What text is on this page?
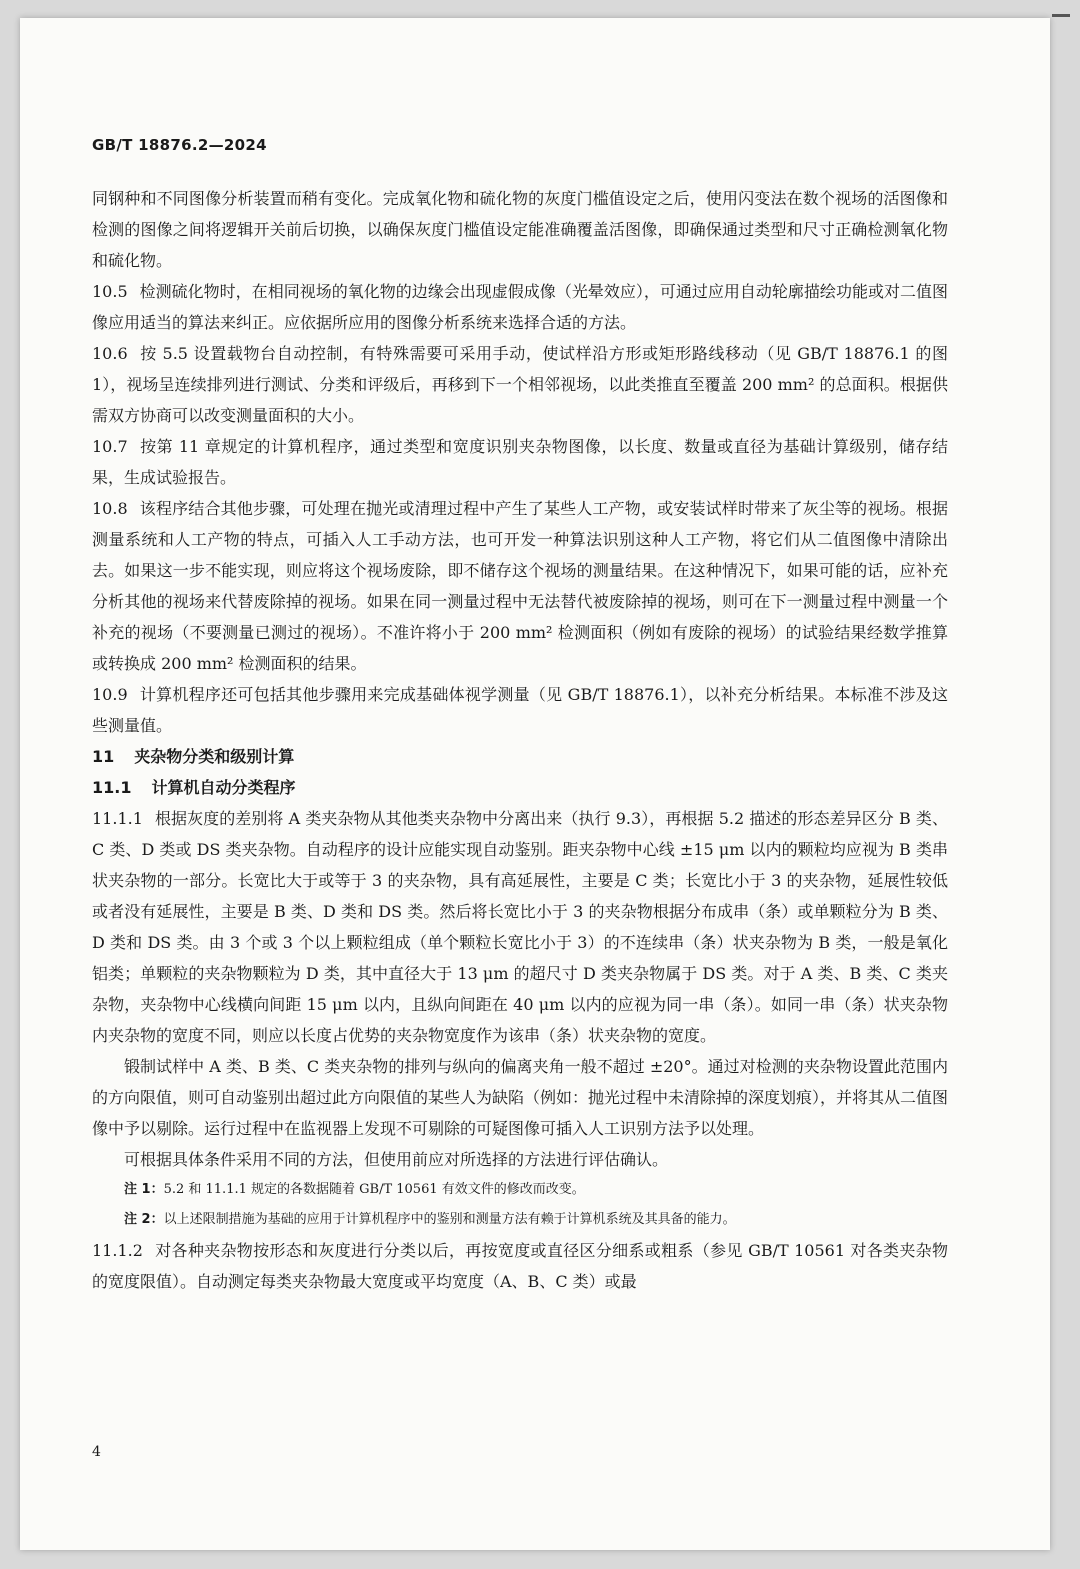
GB/T 18876.2—2024

同钢种和不同图像分析装置而稍有变化。完成氧化物和硫化物的灰度门槛值设定之后，使用闪变法在数个视场的活图像和检测的图像之间将逻辑开关前后切换，以确保灰度门槛值设定能准确覆盖活图像，即确保通过类型和尺寸正确检测氧化物和硫化物。

10.5 检测硫化物时，在相同视场的氧化物的边缘会出现虚假成像（光晕效应），可通过应用自动轮廓描绘功能或对二值图像应用适当的算法来纠正。应依据所应用的图像分析系统来选择合适的方法。

10.6 按 5.5 设置载物台自动控制，有特殊需要可采用手动，使试样沿方形或矩形路线移动（见 GB/T 18876.1 的图 1），视场呈连续排列进行测试、分类和评级后，再移到下一个相邻视场，以此类推直至覆盖 200 mm² 的总面积。根据供需双方协商可以改变测量面积的大小。

10.7 按第 11 章规定的计算机程序，通过类型和宽度识别夹杂物图像，以长度、数量或直径为基础计算级别，储存结果，生成试验报告。

10.8 该程序结合其他步骤，可处理在抛光或清理过程中产生了某些人工产物，或安装试样时带来了灰尘等的视场。根据测量系统和人工产物的特点，可插入人工手动方法，也可开发一种算法识别这种人工产物，将它们从二值图像中清除出去。如果这一步不能实现，则应将这个视场废除，即不储存这个视场的测量结果。在这种情况下，如果可能的话，应补充分析其他的视场来代替废除掉的视场。如果在同一测量过程中无法替代被废除掉的视场，则可在下一测量过程中测量一个补充的视场（不要测量已测过的视场）。不准许将小于 200 mm² 检测面积（例如有废除的视场）的试验结果经数学推算或转换成 200 mm² 检测面积的结果。

10.9 计算机程序还可包括其他步骤用来完成基础体视学测量（见 GB/T 18876.1），以补充分析结果。本标准不涉及这些测量值。

11 夹杂物分类和级别计算

11.1 计算机自动分类程序

11.1.1 根据灰度的差别将 A 类夹杂物从其他类夹杂物中分离出来（执行 9.3），再根据 5.2 描述的形态差异区分 B 类、C 类、D 类或 DS 类夹杂物。自动程序的设计应能实现自动鉴别。距夹杂物中心线 ±15 μm 以内的颗粒均应视为 B 类串状夹杂物的一部分。长宽比大于或等于 3 的夹杂物，具有高延展性，主要是 C 类；长宽比小于 3 的夹杂物，延展性较低或者没有延展性，主要是 B 类、D 类和 DS 类。然后将长宽比小于 3 的夹杂物根据分布成串（条）或单颗粒分为 B 类、D 类和 DS 类。由 3 个或 3 个以上颗粒组成（单个颗粒长宽比小于 3）的不连续串（条）状夹杂物为 B 类，一般是氧化铝类；单颗粒的夹杂物颗粒为 D 类，其中直径大于 13 μm 的超尺寸 D 类夹杂物属于 DS 类。对于 A 类、B 类、C 类夹杂物，夹杂物中心线横向间距 15 μm 以内，且纵向间距在 40 μm 以内的应视为同一串（条）。如同一串（条）状夹杂物内夹杂物的宽度不同，则应以长度占优势的夹杂物宽度作为该串（条）状夹杂物的宽度。

锻制试样中 A 类、B 类、C 类夹杂物的排列与纵向的偏离夹角一般不超过 ±20°。通过对检测的夹杂物设置此范围内的方向限值，则可自动鉴别出超过此方向限值的某些人为缺陷（例如：抛光过程中未清除掉的深度划痕），并将其从二值图像中予以剔除。运行过程中在监视器上发现不可剔除的可疑图像可插入人工识别方法予以处理。

可根据具体条件采用不同的方法，但使用前应对所选择的方法进行评估确认。

注 1：5.2 和 11.1.1 规定的各数据随着 GB/T 10561 有效文件的修改而改变。

注 2：以上述限制措施为基础的应用于计算机程序中的鉴别和测量方法有赖于计算机系统及其具备的能力。

11.1.2 对各种夹杂物按形态和灰度进行分类以后，再按宽度或直径区分细系或粗系（参见 GB/T 10561 对各类夹杂物的宽度限值）。自动测定每类夹杂物最大宽度或平均宽度（A、B、C 类）或最

4
